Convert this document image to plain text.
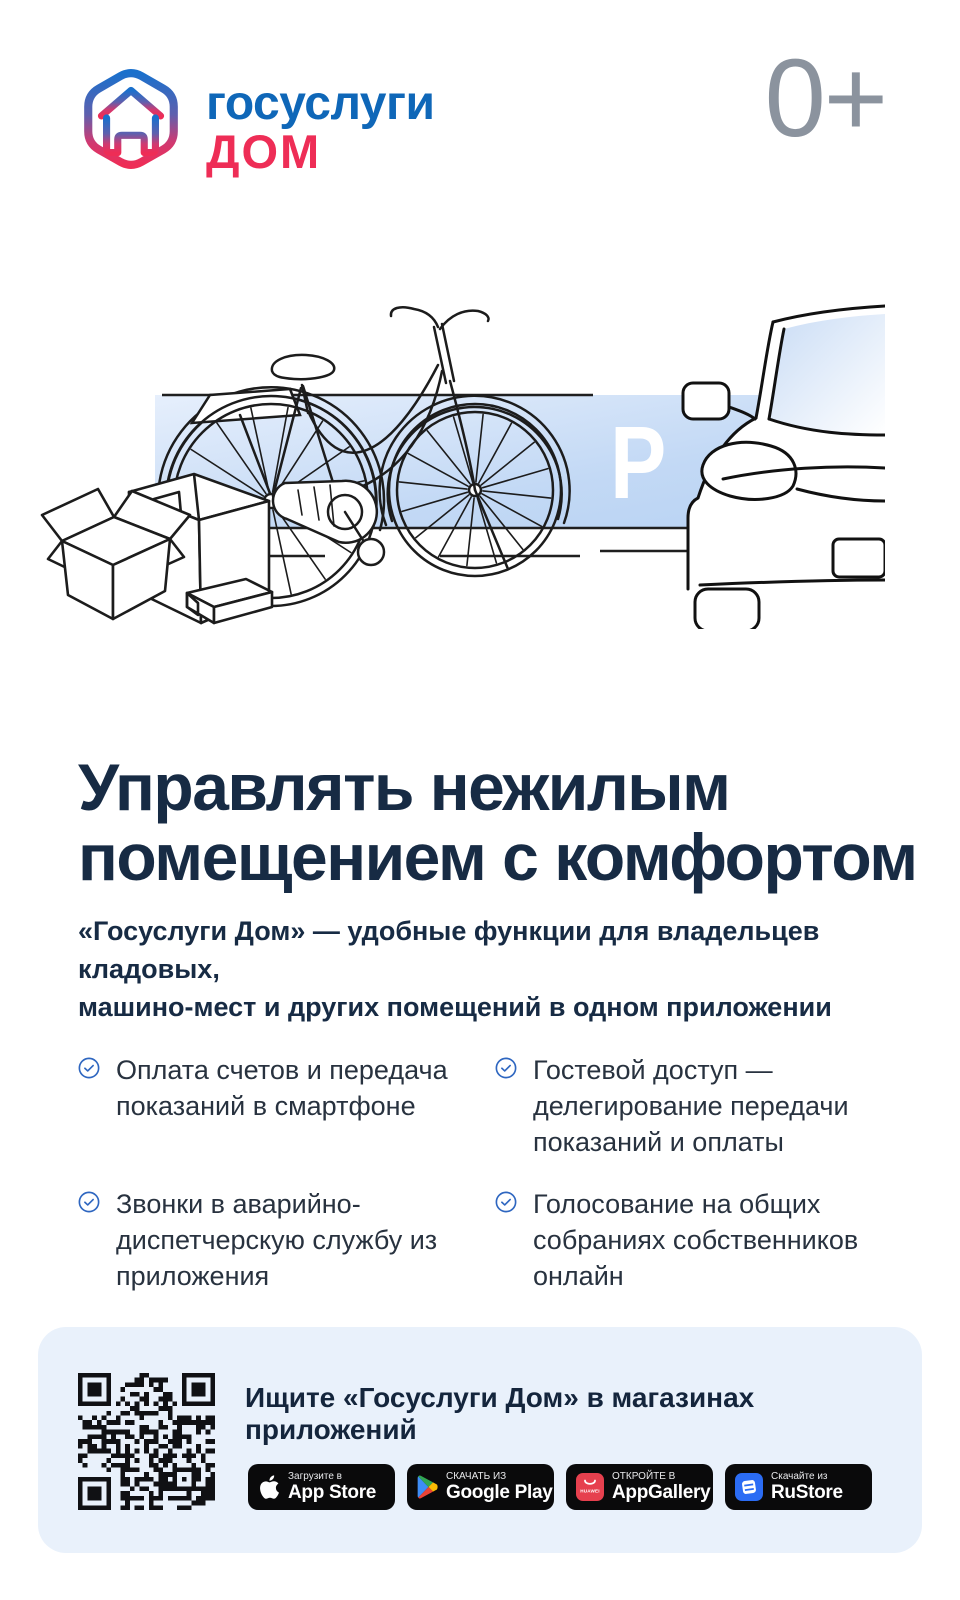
госуслуги
ДОМ	0+
P
Управлять нежилым
помещением с комфортом
«Госуслуги Дом» — удобные функции для владельцев кладовых,
машино-мест и других помещений в одном приложении
Оплата счетов и передача показаний в смартфоне
Гостевой доступ — делегирование передачи показаний и оплаты
Звонки в аварийно-диспетчерскую службу из приложения
Голосование на общих собраниях собственников онлайн
Ищите «Госуслуги Дом» в магазинах приложений
Загрузите в
App Store
СКАЧАТЬ ИЗ
Google Play	HUAWEI
ОТКРОЙТЕ В
AppGallery
Скачайте из
RuStore
